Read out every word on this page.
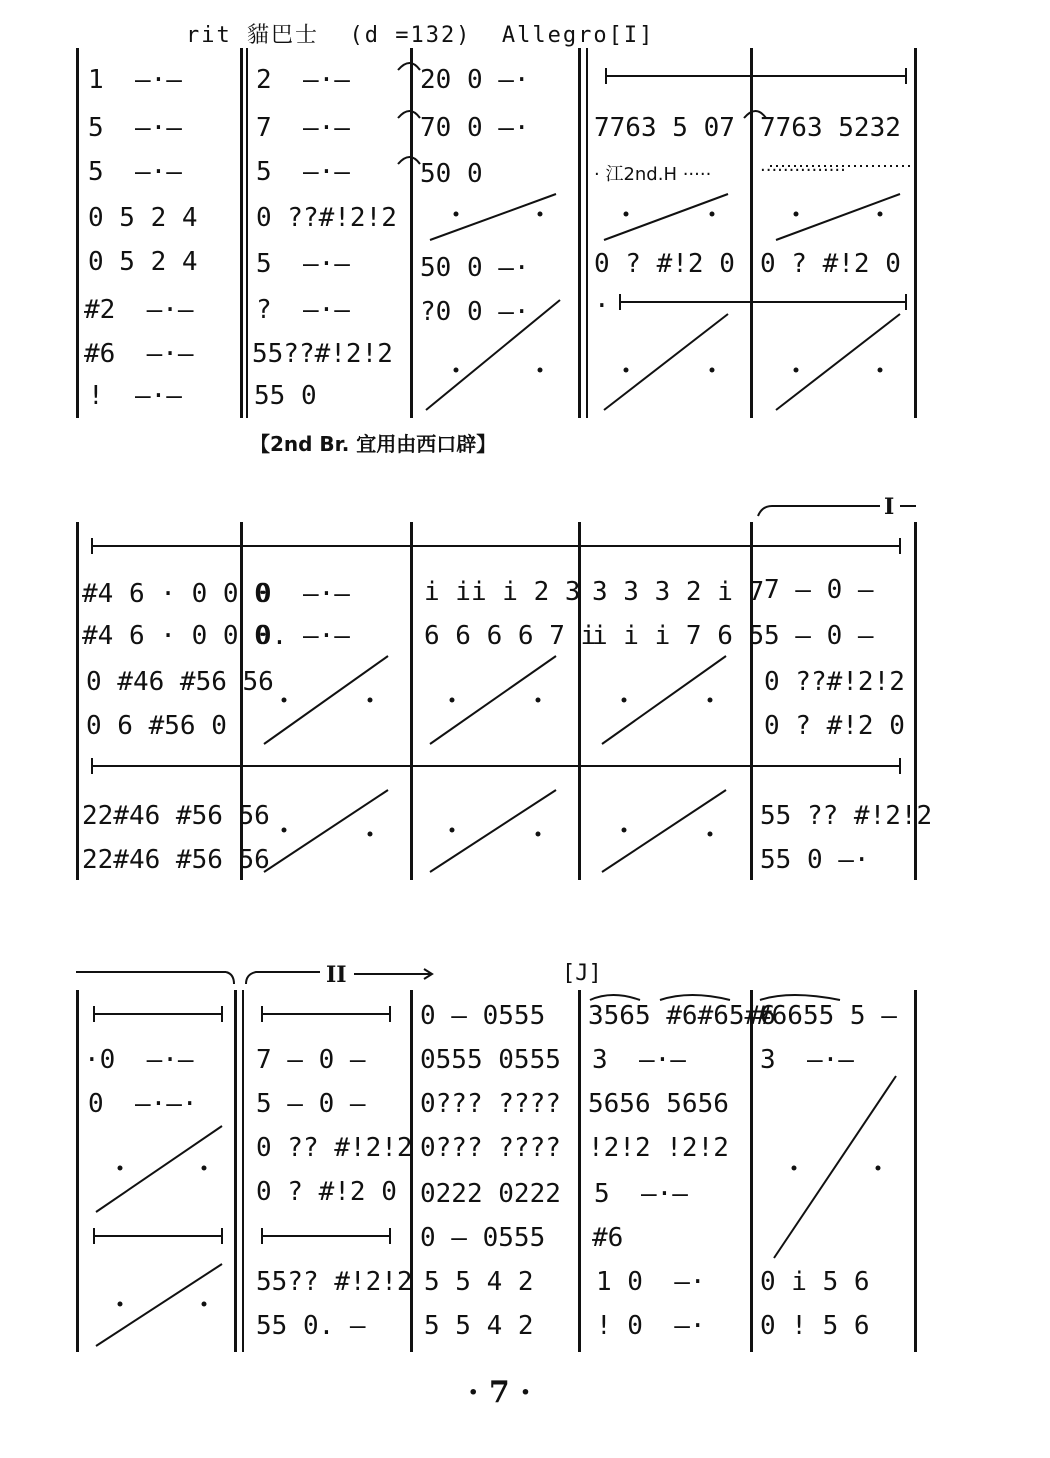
rit 貓巴士  (d =132)  Allegro[I]
1  —·—
5  —·—
5  —·—
0 5 2 4
0 5 2 4
#2  —·—
#6  —·—
!  —·—
2  —·—
7  —·—
5  —·—
0 ??#!2!2
5  —·—
?  —·—
55??#!2!2
55 0
20 0 —·
70 0 —·
50 0
50 0 —·
?0 0 —·
7763 5 07
· 江2nd.H ·····
0 ? #!2 0
·
7763 5232
···············
0 ? #!2 0
【2nd Br. 宜用由西口辟】
I
#4 6 · 0 0 0
#4 6 · 0 0 0
0 #46 #56 56
0 6 #56 0
22#46 #56 56
22#46 #56 56
0  —·—
0. —·—
i ii i 2 3
6 6 6 6 7 i
3 3 3 2 i 7
i i i 7 6 5
7 — 0 —
5 — 0 —
0 ??#!2!2
0 ? #!2 0
55 ?? #!2!2
55 0 —·
II	[J]
·0  —·—
0  —·—·
7 — 0 —
5 — 0 —
0 ?? #!2!2
0 ? #!2 0
55?? #!2!2
55 0. —
0 — 0555
0555 0555
0??? ????
0??? ????
0222 0222
0 — 0555
5 5 4 2
5 5 4 2
3565 #6#65#6
3  —·—
5656 5656
!2!2 !2!2
5  —·—
#6
1 0  —·
! 0  —·
#6655 5 —
3  —·—
0 i 5 6
0 ! 5 6
· 7 ·
